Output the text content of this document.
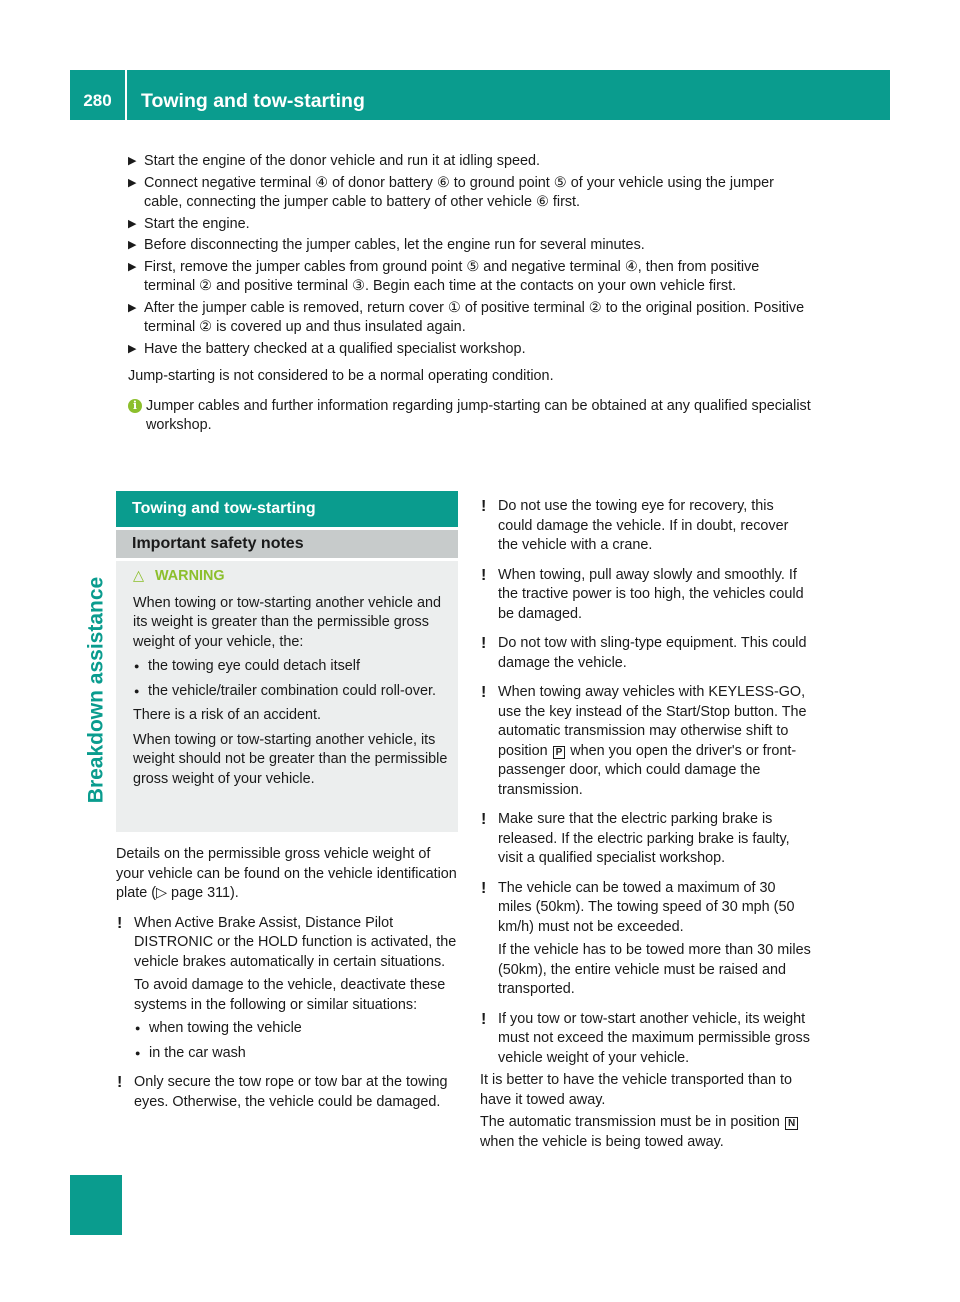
280	Towing and tow-starting
Breakdown assistance
▶ Start the engine of the donor vehicle and run it at idling speed.
▶ Connect negative terminal ④ of donor battery ⑥ to ground point ⑤ of your vehicle using the jumper cable, connecting the jumper cable to battery of other vehicle ⑥ first.
▶ Start the engine.
▶ Before disconnecting the jumper cables, let the engine run for several minutes.
▶ First, remove the jumper cables from ground point ⑤ and negative terminal ④, then from positive terminal ② and positive terminal ③. Begin each time at the contacts on your own vehicle first.
▶ After the jumper cable is removed, return cover ① of positive terminal ② to the original position. Positive terminal ② is covered up and thus insulated again.
▶ Have the battery checked at a qualified specialist workshop.

Jump-starting is not considered to be a normal operating condition.

i Jumper cables and further information regarding jump-starting can be obtained at any qualified specialist workshop.
Towing and tow-starting
Important safety notes
△ WARNING

When towing or tow-starting another vehicle and its weight is greater than the permissible gross weight of your vehicle, the:

● the towing eye could detach itself
● the vehicle/trailer combination could roll-over.

There is a risk of an accident.

When towing or tow-starting another vehicle, its weight should not be greater than the permissible gross weight of your vehicle.

Details on the permissible gross vehicle weight of your vehicle can be found on the vehicle identification plate (▷ page 311).

! When Active Brake Assist, Distance Pilot DISTRONIC or the HOLD function is activated, the vehicle brakes automatically in certain situations.
To avoid damage to the vehicle, deactivate these systems in the following or similar situations:
● when towing the vehicle
● in the car wash
! Only secure the tow rope or tow bar at the towing eyes. Otherwise, the vehicle could be damaged.
! Do not use the towing eye for recovery, this could damage the vehicle. If in doubt, recover the vehicle with a crane.
! When towing, pull away slowly and smoothly. If the tractive power is too high, the vehicles could be damaged.
! Do not tow with sling-type equipment. This could damage the vehicle.
! When towing away vehicles with KEYLESS-GO, use the key instead of the Start/Stop button. The automatic transmission may otherwise shift to position P when you open the driver's or front-passenger door, which could damage the transmission.
! Make sure that the electric parking brake is released. If the electric parking brake is faulty, visit a qualified specialist workshop.
! The vehicle can be towed a maximum of 30 miles (50km). The towing speed of 30 mph (50 km/h) must not be exceeded.
If the vehicle has to be towed more than 30 miles (50km), the entire vehicle must be raised and transported.
! If you tow or tow-start another vehicle, its weight must not exceed the maximum permissible gross vehicle weight of your vehicle.

It is better to have the vehicle transported than to have it towed away.

The automatic transmission must be in position N when the vehicle is being towed away.
